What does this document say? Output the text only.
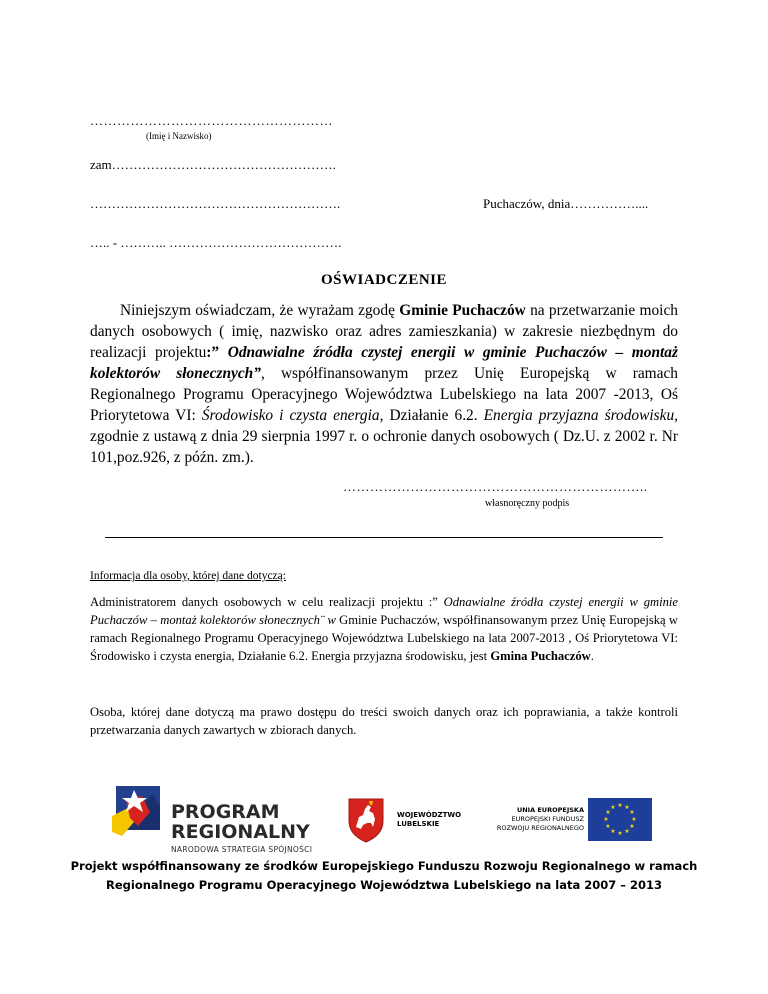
………………………………………………
(Imię i Nazwisko)
zam…………………………………………….
………………………………………………….	Puchaczów, dnia……………....
….. - ……….. ………………………………….
OŚWIADCZENIE
Niniejszym oświadczam, że wyrażam zgodę Gminie Puchaczów na przetwarzanie moich danych osobowych ( imię, nazwisko oraz adres zamieszkania) w zakresie niezbędnym do realizacji projektu:” Odnawialne źródła czystej energii w gminie Puchaczów – montaż kolektorów słonecznych”, współfinansowanym przez Unię Europejską w ramach Regionalnego Programu Operacyjnego Województwa Lubelskiego na lata 2007 -2013, Oś Priorytetowa VI: Środowisko i czysta energia, Działanie 6.2. Energia przyjazna środowisku, zgodnie z ustawą z dnia 29 sierpnia 1997 r. o ochronie danych osobowych ( Dz.U. z 2002 r. Nr 101,poz.926, z późn. zm.).
…………………………………………………………..
własnoręczny podpis
Informacja dla osoby, której dane dotyczą:
Administratorem danych osobowych w celu realizacji projektu :” Odnawialne źródła czystej energii w gminie Puchaczów – montaż kolektorów słonecznych¨ w Gminie Puchaczów, współfinansowanym przez Unię Europejską w ramach Regionalnego Programu Operacyjnego Województwa Lubelskiego na lata 2007-2013 , Oś Priorytetowa VI: Środowisko i czysta energia, Działanie 6.2. Energia przyjazna środowisku, jest Gmina Puchaczów.
Osoba, której dane dotyczą ma prawo dostępu do treści swoich danych oraz ich poprawiania, a także kontroli przetwarzania danych zawartych w zbiorach danych.
PROGRAM
REGIONALNY
NARODOWA STRATEGIA SPÓJNOŚCI
WOJEWÓDZTWO
LUBELSKIE
UNIA EUROPEJSKA
EUROPEJSKI FUNDUSZ
ROZWOJU REGIONALNEGO
★ ★
★
★
★
★
★
★
★
★
★
★
Projekt współfinansowany ze środków Europejskiego Funduszu Rozwoju Regionalnego w ramach
Regionalnego Programu Operacyjnego Województwa Lubelskiego na lata 2007 – 2013
